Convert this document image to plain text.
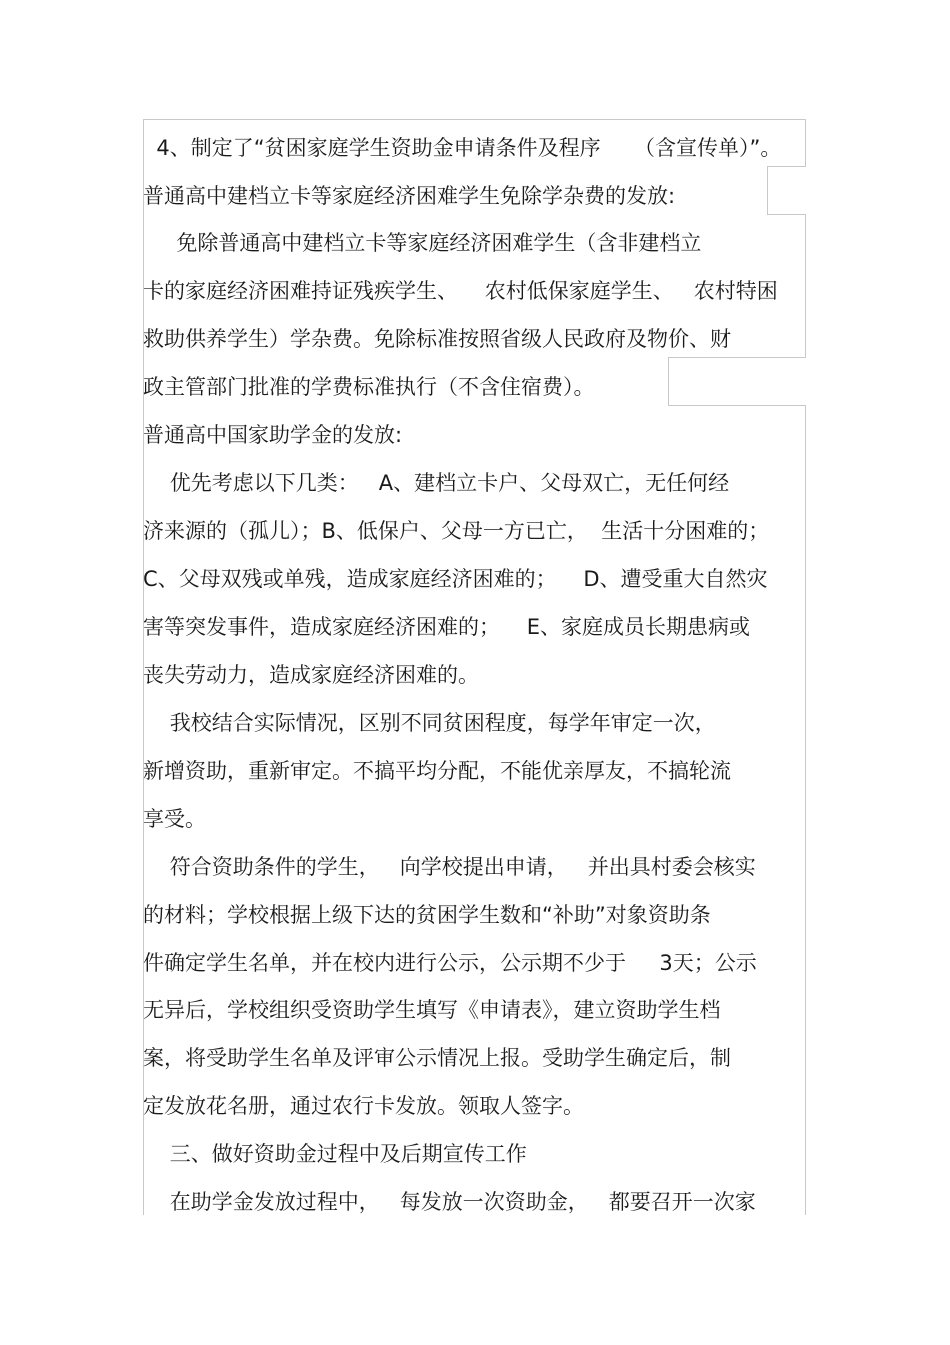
4、制定了“贫困家庭学生资助金申请条件及程序     （含宣传单）”。
普通高中建档立卡等家庭经济困难学生免除学杂费的发放:
免除普通高中建档立卡等家庭经济困难学生（含非建档立
卡的家庭经济困难持证残疾学生、    农村低保家庭学生、   农村特困
救助供养学生）学杂费。免除标准按照省级人民政府及物价、财
政主管部门批准的学费标准执行（不含住宿费）。
普通高中国家助学金的发放:
优先考虑以下几类：   A、建档立卡户、父母双亡，无任何经
济来源的（孤儿）；B、低保户、父母一方已亡，  生活十分困难的；
C、父母双残或单残，造成家庭经济困难的；    D、遭受重大自然灾
害等突发事件，造成家庭经济困难的；    E、家庭成员长期患病或
丧失劳动力，造成家庭经济困难的。
我校结合实际情况，区别不同贫困程度，每学年审定一次，
新增资助，重新审定。不搞平均分配，不能优亲厚友，不搞轮流
享受。
符合资助条件的学生，   向学校提出申请，   并出具村委会核实
的材料；学校根据上级下达的贫困学生数和“补助”对象资助条
件确定学生名单，并在校内进行公示，公示期不少于     3天；公示
无异后，学校组织受资助学生填写《申请表》，建立资助学生档
案，将受助学生名单及评审公示情况上报。受助学生确定后，制
定发放花名册，通过农行卡发放。领取人签字。
三、做好资助金过程中及后期宣传工作
在助学金发放过程中，   每发放一次资助金，   都要召开一次家
